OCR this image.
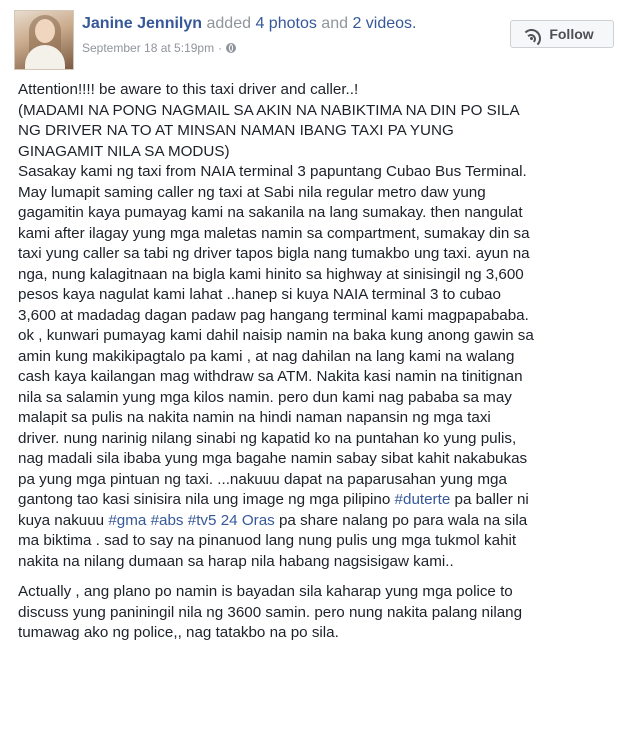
Janine Jennilyn added 4 photos and 2 videos.
September 18 at 5:19pm ·
Follow

Attention!!!! be aware to this taxi driver and caller..!

(MADAMI NA PONG NAGMAIL SA AKIN NA NABIKTIMA NA DIN PO SILA

NG DRIVER NA TO AT MINSAN NAMAN IBANG TAXI PA YUNG

GINAGAMIT NILA SA MODUS)

Sasakay kami ng taxi from NAIA terminal 3 papuntang Cubao Bus Terminal.

May lumapit saming caller ng taxi at Sabi nila regular metro daw yung

gagamitin kaya pumayag kami na sakanila na lang sumakay. then nangulat

kami after ilagay yung mga maletas namin sa compartment, sumakay din sa

taxi yung caller sa tabi ng driver tapos bigla nang tumakbo ung taxi. ayun na

nga, nung kalagitnaan na bigla kami hinito sa highway at sinisingil ng 3,600

pesos kaya nagulat kami lahat ..hanep si kuya NAIA terminal 3 to cubao

3,600 at madadag dagan padaw pag hangang terminal kami magpapababa.

ok , kunwari pumayag kami dahil naisip namin na baka kung anong gawin sa

amin kung makikipagtalo pa kami , at nag dahilan na lang kami na walang

cash kaya kailangan mag withdraw sa ATM. Nakita kasi namin na tinitignan

nila sa salamin yung mga kilos namin. pero dun kami nag pababa sa may

malapit sa pulis na nakita namin na hindi naman napansin ng mga taxi

driver. nung narinig nilang sinabi ng kapatid ko na puntahan ko yung pulis,

nag madali sila ibaba yung mga bagahe namin sabay sibat kahit nakabukas

pa yung mga pintuan ng taxi. ...nakuuu dapat na paparusahan yung mga

gantong tao kasi sinisira nila ung image ng mga pilipino #duterte pa baller ni

kuya nakuuu #gma #abs #tv5 24 Oras pa share nalang po para wala na sila

ma biktima . sad to say na pinanuod lang nung pulis ung mga tukmol kahit

nakita na nilang dumaan sa harap nila habang nagsisigaw kami..

Actually , ang plano po namin is bayadan sila kaharap yung mga police to

discuss yung paniningil nila ng 3600 samin. pero nung nakita palang nilang

tumawag ako ng police,, nag tatakbo na po sila.
